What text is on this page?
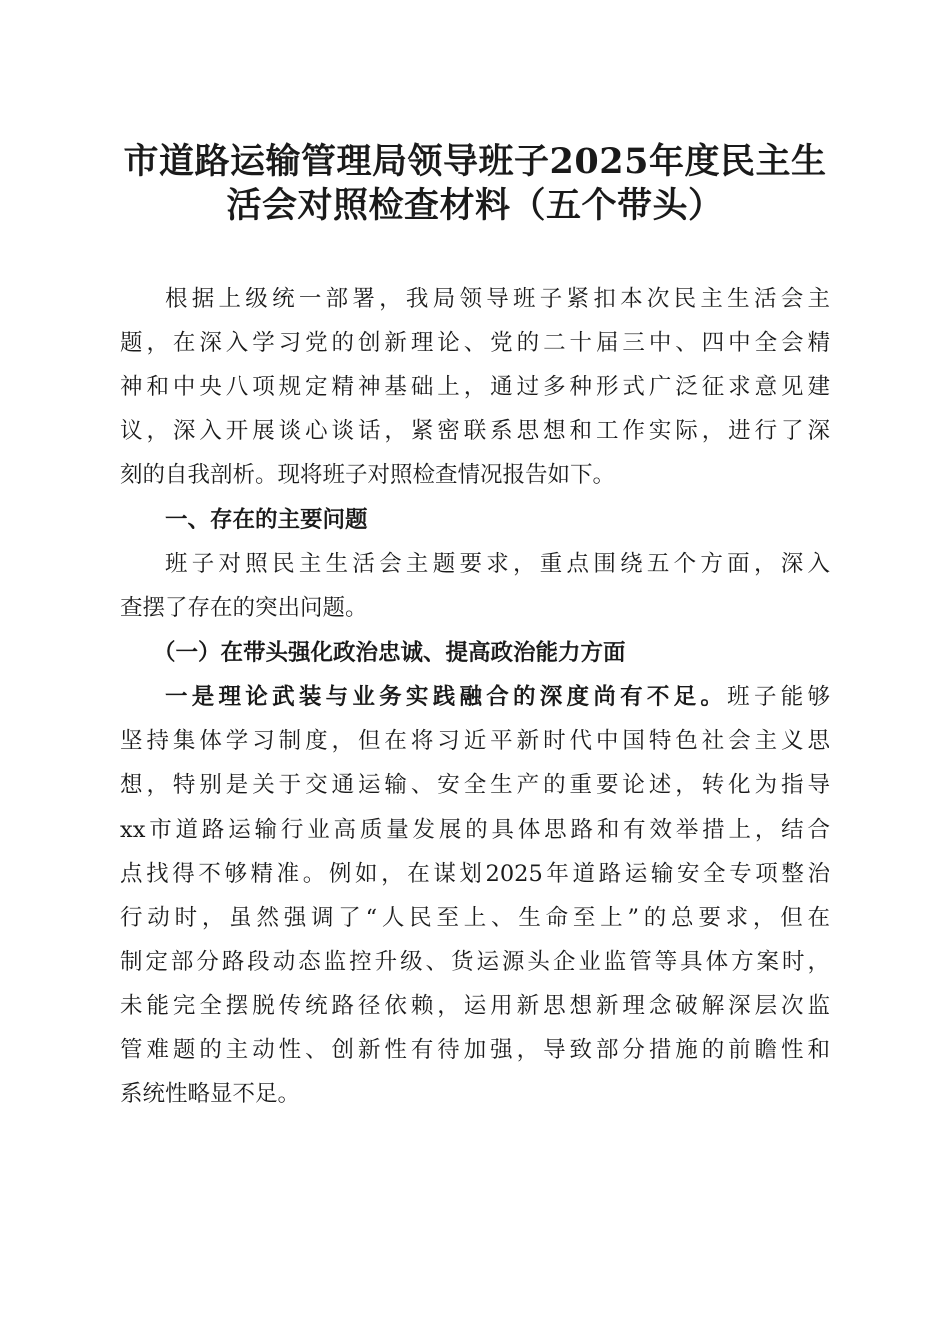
市道路运输管理局领导班子2025年度民主生
活会对照检查材料（五个带头）
根据上级统一部署，我局领导班子紧扣本次民主生活会主
题，在深入学习党的创新理论、党的二十届三中、四中全会精
神和中央八项规定精神基础上，通过多种形式广泛征求意见建
议，深入开展谈心谈话，紧密联系思想和工作实际，进行了深
刻的自我剖析。现将班子对照检查情况报告如下。
一、存在的主要问题
班子对照民主生活会主题要求，重点围绕五个方面，深入
查摆了存在的突出问题。
（一）在带头强化政治忠诚、提高政治能力方面
一是理论武装与业务实践融合的深度尚有不足。班子能够
坚持集体学习制度，但在将习近平新时代中国特色社会主义思
想，特别是关于交通运输、安全生产的重要论述，转化为指导
xx市道路运输行业高质量发展的具体思路和有效举措上，结合
点找得不够精准。例如，在谋划2025年道路运输安全专项整治
行动时，虽然强调了“人民至上、生命至上”的总要求，但在
制定部分路段动态监控升级、货运源头企业监管等具体方案时，
未能完全摆脱传统路径依赖，运用新思想新理念破解深层次监
管难题的主动性、创新性有待加强，导致部分措施的前瞻性和
系统性略显不足。
